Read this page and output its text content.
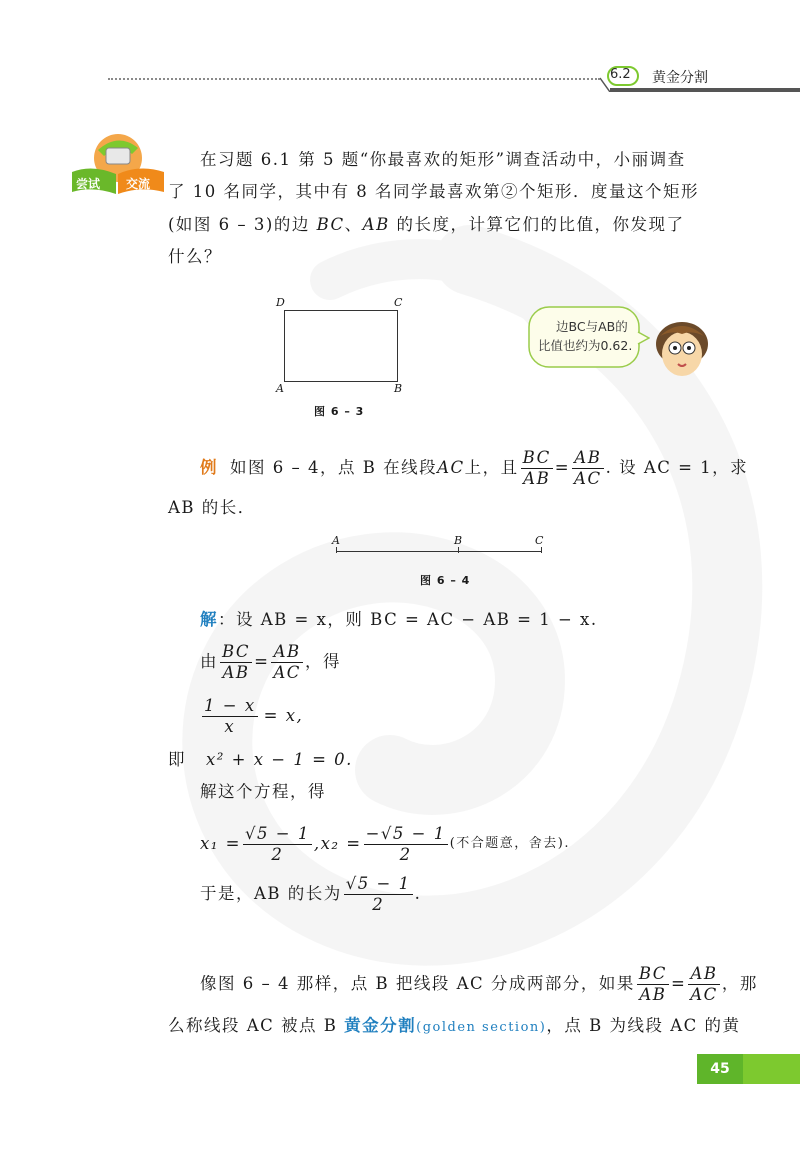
6.2 黄金分割
尝试 交流
在习题 6.1 第 5 题“你最喜欢的矩形”调查活动中，小丽调查
了 10 名同学，其中有 8 名同学最喜欢第②个矩形．度量这个矩形
(如图 6 – 3)的边 BC、AB 的长度，计算它们的比值，你发现了
什么？
D	C
A	B
图 6 – 3
边BC与AB的
比值也约为0.62.
例 如图 6 – 4，点 B 在线段 AC 上，且 $\frac{BC}{AB} = \frac{AB}{AC}$ . 设 AC = 1，求
AB 的长．
A	B	C
图 6 – 4
解：设 AB = x，则 BC = AC − AB = 1 − x.
由 $\frac{BC}{AB} = \frac{AB}{AC}$ ，得
$\frac{1 - x}{x} = x$,
即 x² + x − 1 = 0.
解这个方程，得
$x_1 = \frac{√5 - 1}{2} ,x_2 = \frac{-√5 - 1}{2}$ (不合题意，舍去).
于是，AB 的长为 $\frac{√5 - 1}{2}$ .
像图 6 – 4 那样，点 B 把线段 AC 分成两部分，如果 $\frac{BC}{AB} = \frac{AB}{AC}$ ，那
么称线段 AC 被点 B 黄金分割(golden section)，点 B 为线段 AC 的黄
45
